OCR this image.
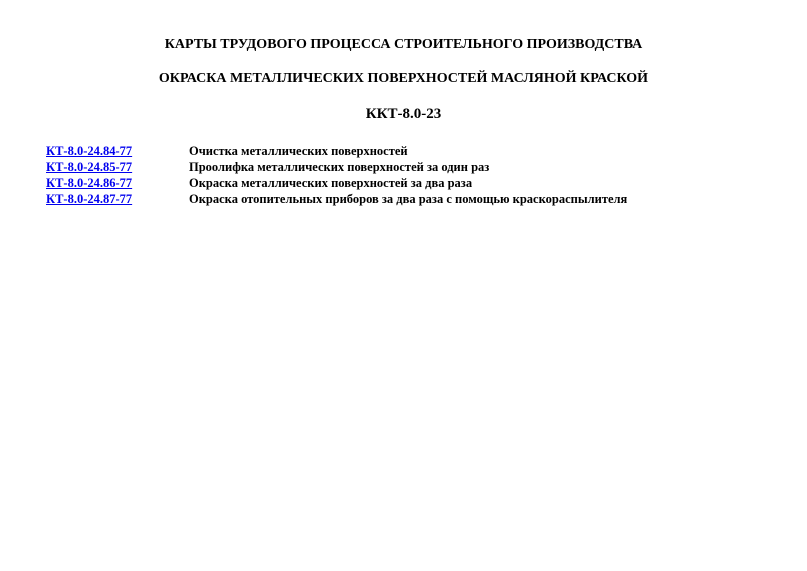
КАРТЫ ТРУДОВОГО ПРОЦЕССА СТРОИТЕЛЬНОГО ПРОИЗВОДСТВА

ОКРАСКА МЕТАЛЛИЧЕСКИХ ПОВЕРХНОСТЕЙ МАСЛЯНОЙ КРАСКОЙ

ККТ-8.0-23

КТ-8.0-24.84-77	Очистка металлических поверхностей
КТ-8.0-24.85-77	Проолифка металлических поверхностей за один раз
КТ-8.0-24.86-77	Окраска металлических поверхностей за два раза
КТ-8.0-24.87-77	Окраска отопительных приборов за два раза с помощью краскораспылителя
